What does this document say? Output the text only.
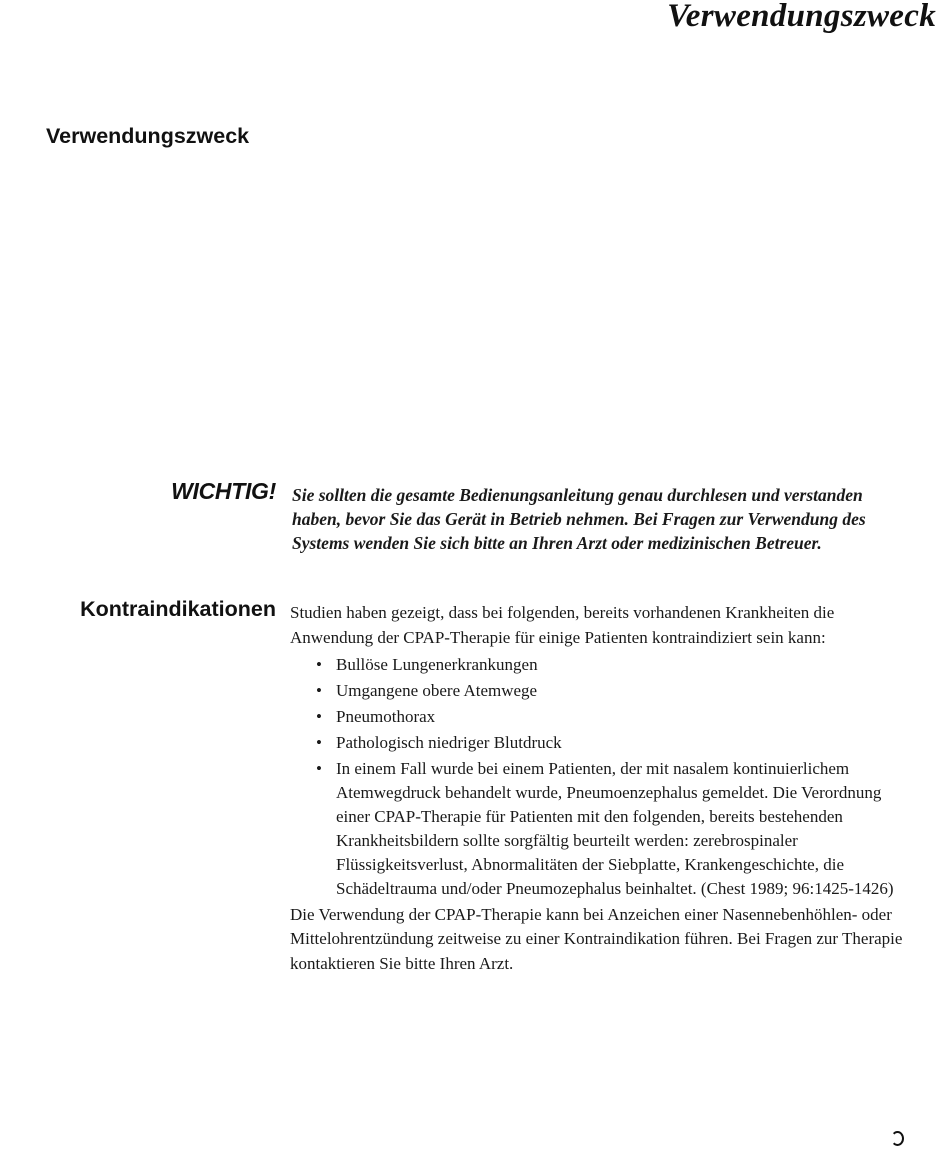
Verwendungszweck
Verwendungszweck
WICHTIG! Sie sollten die gesamte Bedienungsanleitung genau durchlesen und verstanden haben, bevor Sie das Gerät in Betrieb nehmen. Bei Fragen zur Verwendung des Systems wenden Sie sich bitte an Ihren Arzt oder medizinischen Betreuer.

Kontraindikationen Studien haben gezeigt, dass bei folgenden, bereits vorhandenen Krankheiten die Anwendung der CPAP-Therapie für einige Patienten kontraindiziert sein kann:

• Bullöse Lungenerkrankungen
• Umgangene obere Atemwege
• Pneumothorax
• Pathologisch niedriger Blutdruck
• In einem Fall wurde bei einem Patienten, der mit nasalem kontinuierlichem Atemwegdruck behandelt wurde, Pneumoenzephalus gemeldet. Die Verordnung einer CPAP-Therapie für Patienten mit den folgenden, bereits bestehenden Krankheitsbildern sollte sorgfältig beurteilt werden: zerebrospinaler Flüssigkeitsverlust, Abnormalitäten der Siebplatte, Krankengeschichte, die Schädeltrauma und/oder Pneumozephalus beinhaltet. (Chest 1989; 96:1425-1426)

Die Verwendung der CPAP-Therapie kann bei Anzeichen einer Nasennebenhöhlen- oder Mittelohrentzündung zeitweise zu einer Kontraindikation führen. Bei Fragen zur Therapie kontaktieren Sie bitte Ihren Arzt.
